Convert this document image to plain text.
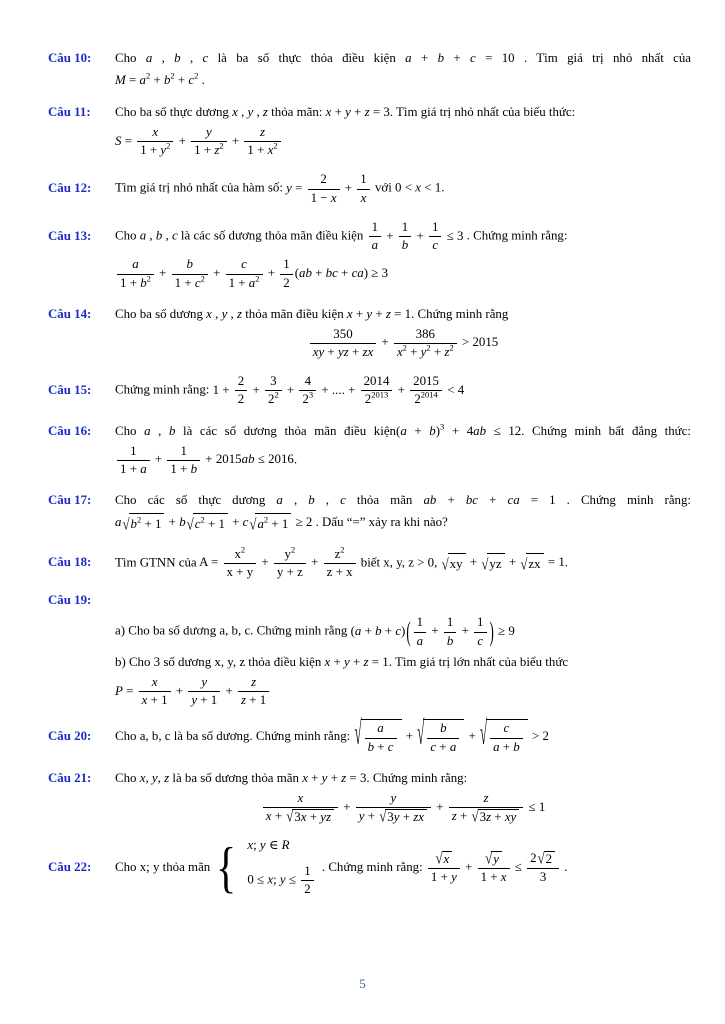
Câu 10:	Cho a , b , c là ba số thực thỏa điều kiện a + b + c = 10 . Tìm giá trị nhỏ nhất của
$M = a^2 + b^2 + c^2$ .
Câu 11:	Cho ba số thực dương x , y , z thỏa mãn: x + y + z = 3. Tìm giá trị nhỏ nhất của biểu thức:
$S = \frac{x}{1 + y^2} + \frac{y}{1 + z^2} + \frac{z}{1 + x^2}$
Câu 12:	Tìm giá trị nhỏ nhất của hàm số: $y = \frac{2}{1 - x} + \frac{1}{x}$ với 0 < x < 1.
Câu 13:	Cho a , b , c là các số dương thỏa mãn điều kiện $\frac{1}{a} + \frac{1}{b} + \frac{1}{c} \le 3$ . Chứng minh rằng:
$\frac{a}{1 + b^2} + \frac{b}{1 + c^2} + \frac{c}{1 + a^2} + \frac{1}{2} (ab$ + bc + ca) ≥ 3
Câu 14:	Cho ba số dương x , y , z thỏa mãn điều kiện x + y + z = 1. Chứng minh rằng
$\frac{350}{xy + yz + zx} + \frac{386}{x^2 + y^2 + z^2} > 2015$
Câu 15:	Chứng minh rằng: $1 + \frac{2}{2} + \frac{3}{2^2} + \frac{4}{2^3}$ + .... + $\frac{2014}{2^{2013}} + \frac{2015}{2^{2014}} < 4$
Câu 16:	Cho a , b là các số dương thỏa mãn điều kiện(a + b)$^3$ + 4ab ≤ 12. Chứng minh bất đẳng thức:
$\frac{1}{1 + a} + \frac{1}{1 + b} + 2015ab \le 2016$.
Câu 17:	Cho các số thực dương a , b , c thỏa mãn ab + bc + ca = 1 . Chứng minh rằng:
a √ $b^2 + 1 + b$ √ $c^2 + 1 + c$ √ $a^2 + 1 \ge 2$ . Dấu “=” xảy ra khi nào?
Câu 18:	Tìm GTNN của $A = \frac{x^2}{x + y} + \frac{y^2}{y + z} + \frac{z^2}{z + x}$ biết x, y, z > 0, √ xy + √ yz + √ zx = 1.
Câu 19:
a) Cho ba số dương a, b, c. Chứng minh rằng (a + b + c) ( $\frac{1}{a} + \frac{1}{b} + \frac{1}{c}$ ) ≥ 9
b) Cho 3 số dương x, y, z thỏa điều kiện x + y + z = 1. Tìm giá trị lớn nhất của biểu thức
$P = \frac{x}{x + 1} + \frac{y}{y + 1} + \frac{z}{z + 1}$
Câu 20:	Cho a, b, c là ba số dương. Chứng minh rằng: √ $\frac{a}{b + c}$ + √ $\frac{b}{c + a}$ + √ $\frac{c}{a + b} > 2$
Câu 21:	Cho x, y, z là ba số dương thỏa mãn x + y + z = 3. Chứng minh rằng:
$\frac{x}{x + √ 3x + yz} + \frac{y}{y + √ 3y + zx} + \frac{z}{z + √ 3z + xy} \le 1$
Câu 22:	Cho x; y thỏa mãn { x; y ∈ R
0 ≤ x; $y \le \frac{1}{2}$ . Chứng minh rằng: $\frac{√ x}{1 + y} + \frac{√ y}{1 + x} \le \frac{2 √ 2}{3}$ .
5
